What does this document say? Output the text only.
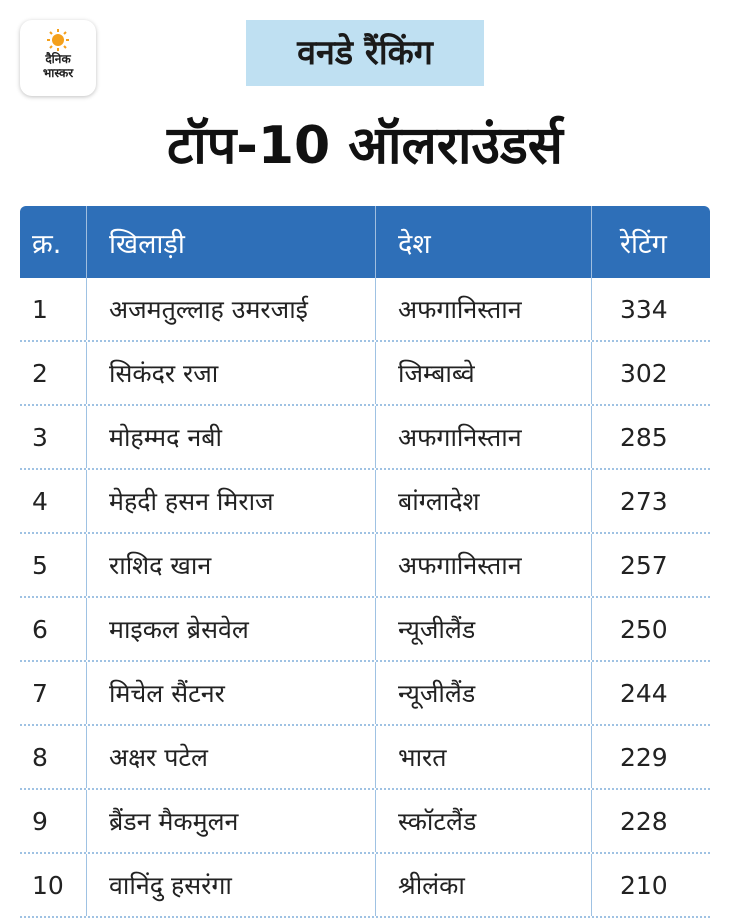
दैनिक
भास्कर	वनडे रैंकिंग
टॉप-10 ऑलराउंडर्स
क्र.	खिलाड़ी	देश	रेटिंग
1	अजमतुल्लाह उमरजाई	अफगानिस्तान	334
2	सिकंदर रजा	जिम्बाब्वे	302
3	मोहम्मद नबी	अफगानिस्तान	285
4	मेहदी हसन मिराज	बांग्लादेश	273
5	राशिद खान	अफगानिस्तान	257
6	माइकल ब्रेसवेल	न्यूजीलैंड	250
7	मिचेल सैंटनर	न्यूजीलैंड	244
8	अक्षर पटेल	भारत	229
9	ब्रैंडन मैकमुलन	स्कॉटलैंड	228
10	वानिंदु हसरंगा	श्रीलंका	210
